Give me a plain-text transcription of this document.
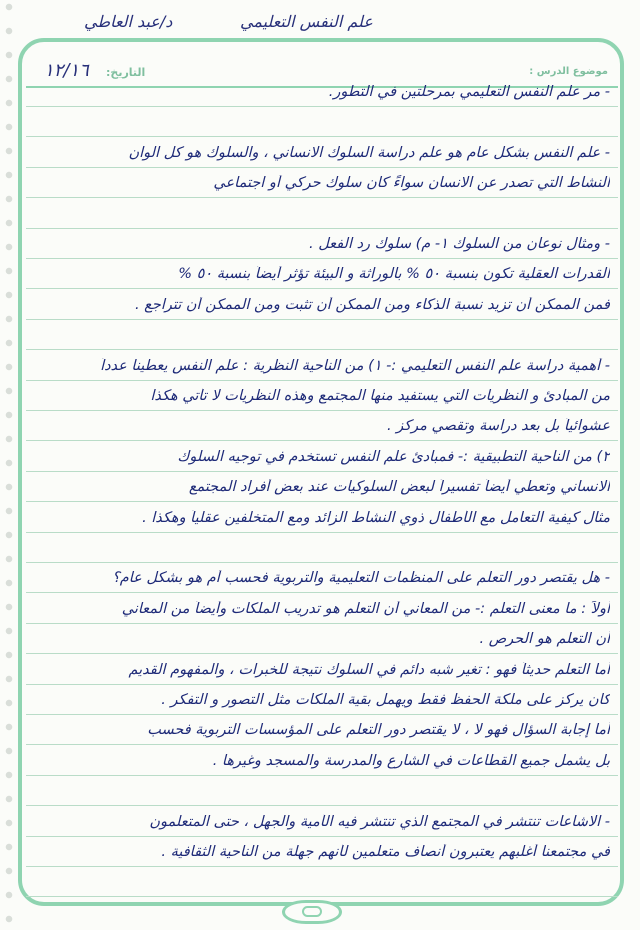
د/عبد العاطي	علم النفس التعليمي
١٢/١٦ التاريخ:	موضوع الدرس :
- مر علم النفس التعليمي بمرحلتين في التطور.
- علم النفس بشكل عام هو علم دراسة السلوك الانساني ، والسلوك هو كل الوان
النشاط التي تصدر عن الانسان سواءً كان سلوك حركي أو اجتماعي
- ومثال نوعان من السلوك ١- م) سلوك رد الفعل .
القدرات العقلية تكون بنسبة ٥٠ % بالوراثة و البيئة تؤثر أيضاً بنسبة ٥٠ %
فمن الممكن أن تزيد نسبة الذكاء ومن الممكن أن تثبت ومن الممكن أن تتراجع .
- أهمية دراسة علم النفس التعليمي :- ١) من الناحية النظرية : علم النفس يعطينا عدداً
من المبادئ و النظريات التي يستفيد منها المجتمع وهذه النظريات لا تأتي هكذا
عشوائياً بل بعد دراسة وتقصي مركز .
٢) من الناحية التطبيقية :- فمبادئ علم النفس تستخدم في توجيه السلوك
الانساني وتعطي أيضاً تفسيراً لبعض السلوكيات عند بعض أفراد المجتمع
مثال كيفية التعامل مع الأطفال ذوي النشاط الزائد ومع المتخلفين عقلياً وهكذا .
- هل يقتصر دور التعلم على المنظمات التعليمية والتربوية فحسب أم هو بشكل عام؟
أولاً : ما معنى التعلم :- من المعاني أن التعلم هو تدريب الملكات وأيضاً من المعاني
أن التعلم هو الحرص .
أما التعلم حديثاً فهو : تغير شبه دائم في السلوك نتيجة للخبرات ، والمفهوم القديم
كان يركز على ملكة الحفظ فقط ويهمل بقية الملكات مثل التصور و التفكر .
أما إجابة السؤال فهو لا ، لا يقتصر دور التعلم على المؤسسات التربوية فحسب
بل يشمل جميع القطاعات في الشارع والمدرسة والمسجد وغيرها .
- الاشاعات تنتشر في المجتمع الذي تنتشر فيه الأمية والجهل ، حتى المتعلمون
في مجتمعنا أغلبهم يعتبرون أنصاف متعلمين لأنهم جهلة من الناحية الثقافية .
